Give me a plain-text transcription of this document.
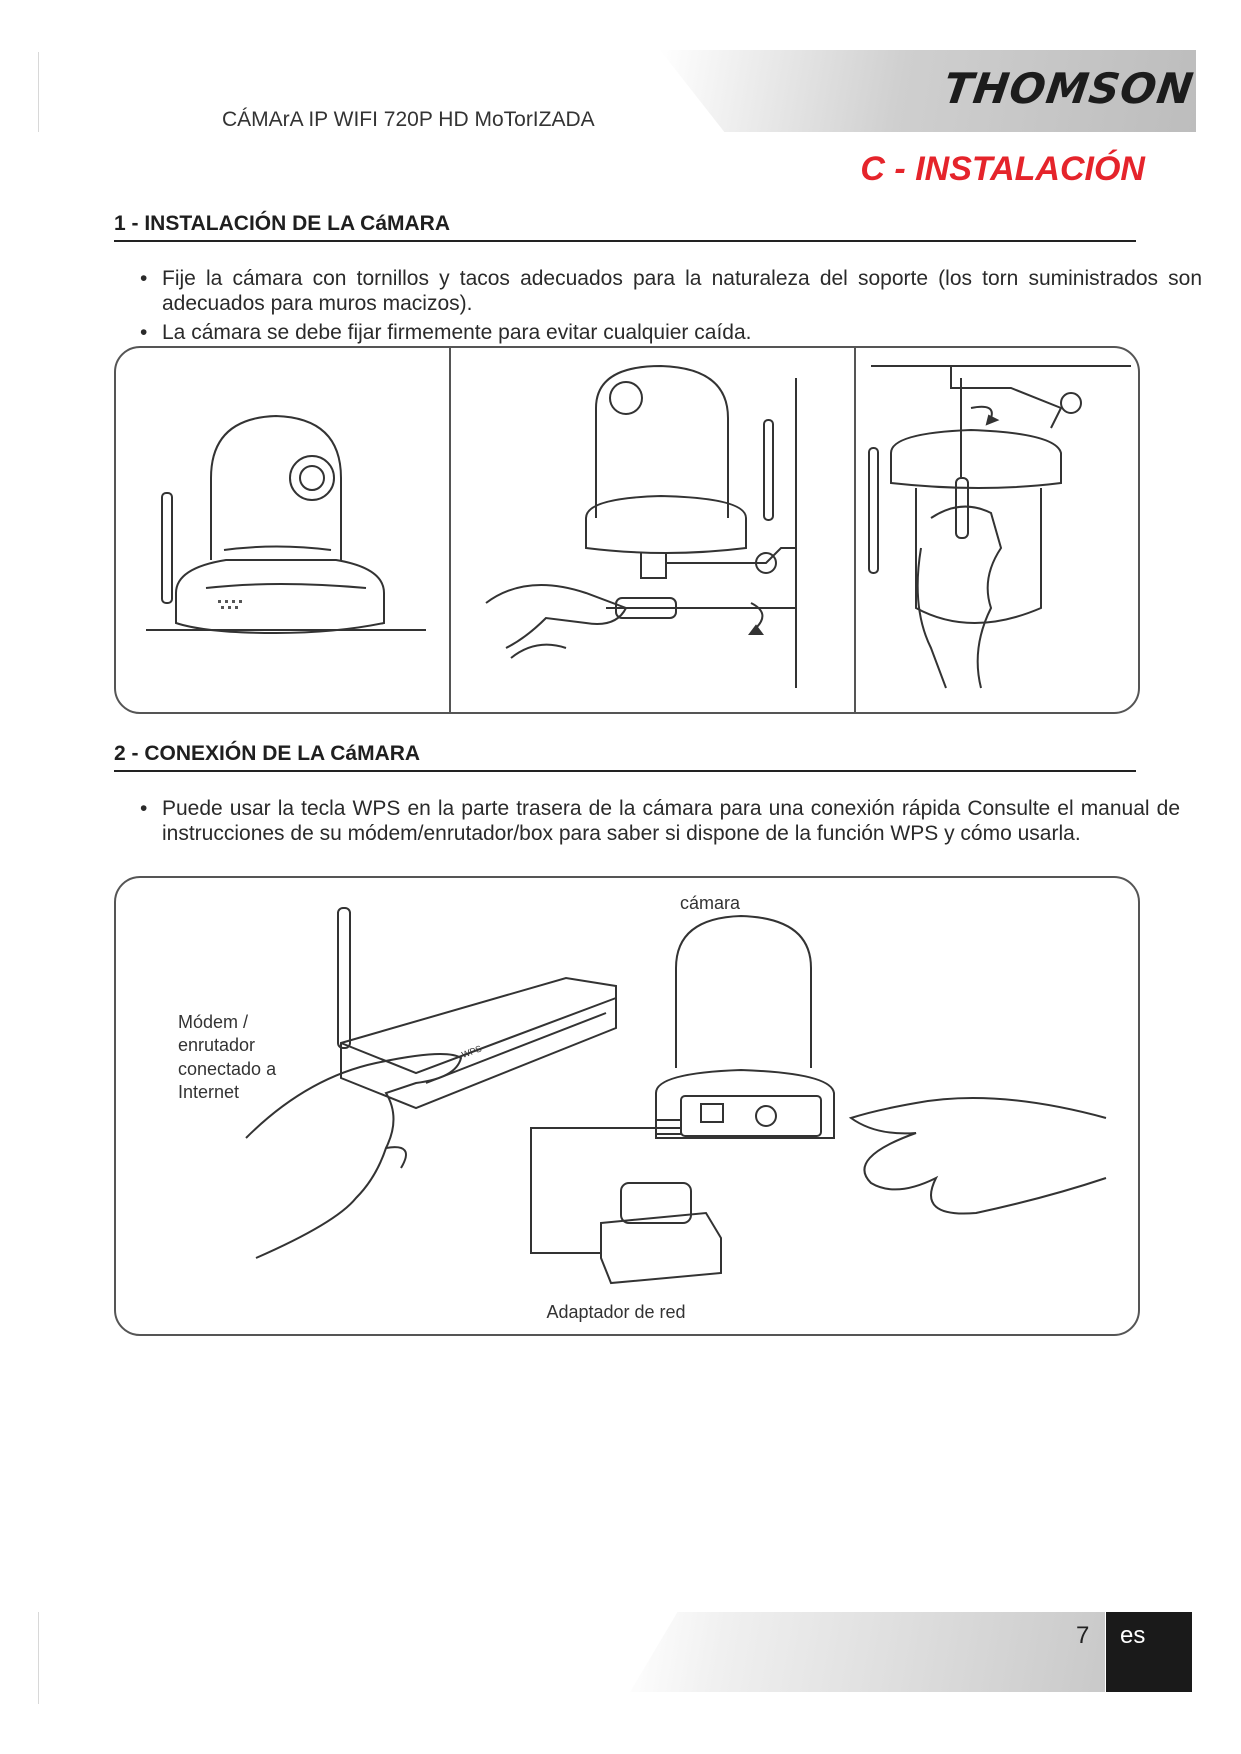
THOMSON
CÁMArA IP WIFI 720P HD MoTorIZADA
C - INSTALACIÓN
1 - INSTALACIÓN DE LA CáMARA
• Fije la cámara con tornillos y tacos adecuados para la naturaleza del soporte (los torn suministrados son adecuados para muros macizos).
• La cámara se debe fijar firmemente para evitar cualquier caída.
2 - CONEXIÓN DE LA CáMARA
• Puede usar la tecla WPS en la parte trasera de la cámara para una conexión rápida Consulte el manual de instrucciones de su módem/enrutador/box para saber si dispone de la función WPS y cómo usarla.
cámara
Módem /
enrutador
conectado a
Internet
WPS
Adaptador de red
7	es
